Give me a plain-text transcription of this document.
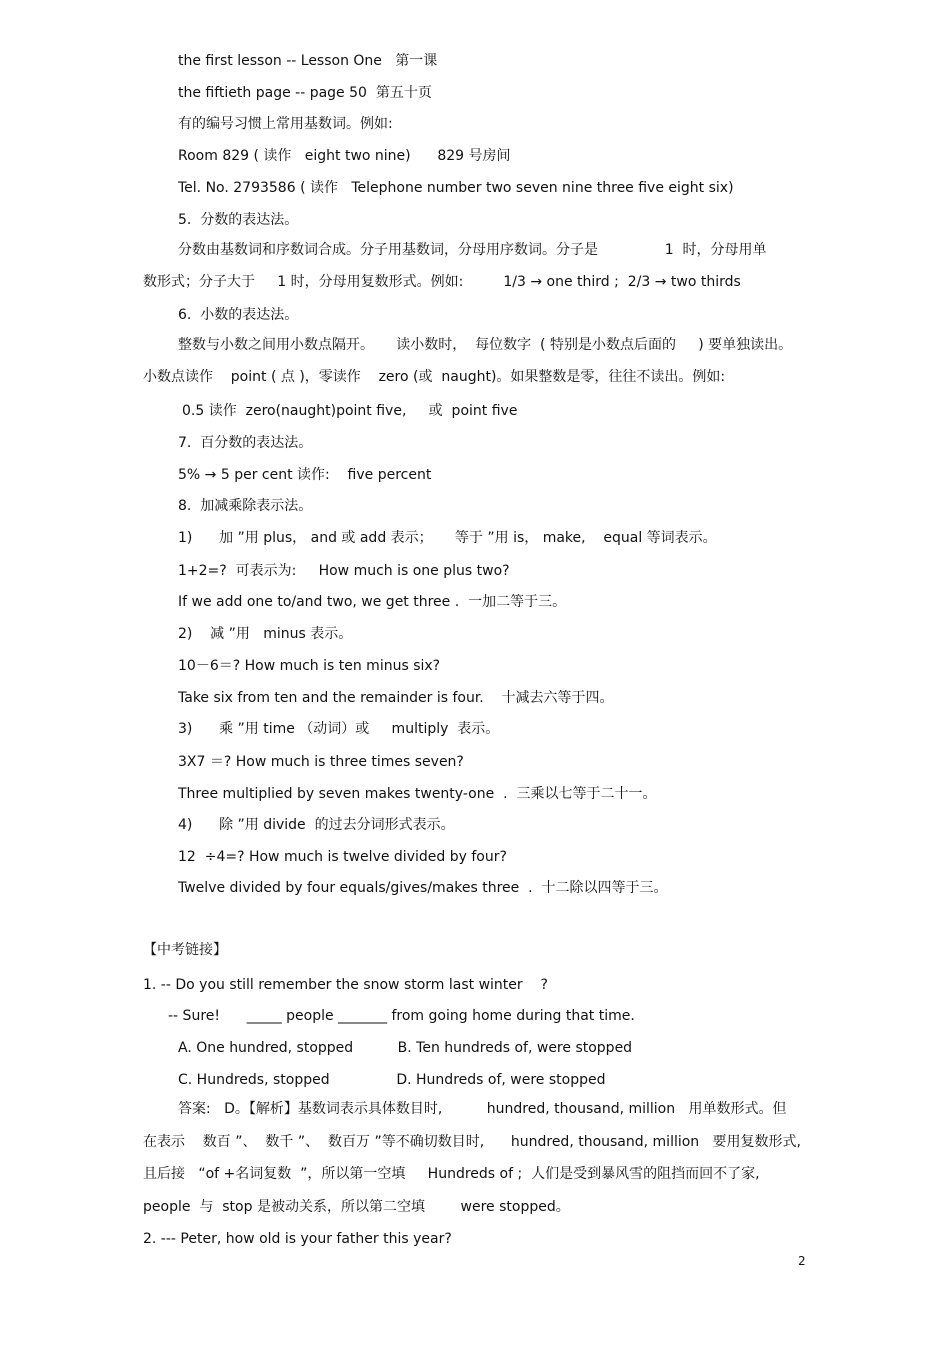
the first lesson -- Lesson One   第一课
the fiftieth page -- page 50  第五十页
有的编号习惯上常用基数词。例如:
Room 829 ( 读作   eight two nine)      829 号房间
Tel. No. 2793586 ( 读作   Telephone number two seven nine three five eight six)
5.  分数的表达法。
分数由基数词和序数词合成。分子用基数词，分母用序数词。分子是               1  时，分母用单
数形式；分子大于     1 时，分母用复数形式。例如:         1/3 → one third ;  2/3 → two thirds
6.  小数的表达法。
整数与小数之间用小数点隔开。     读小数时，  每位数字  ( 特别是小数点后面的     ) 要单独读出。
小数点读作    point ( 点 )，零读作    zero (或  naught)。如果整数是零，往往不读出。例如:
0.5 读作  zero(naught)point five,     或  point five
7.  百分数的表达法。
5% → 5 per cent 读作:    five percent
8.  加减乘除表示法。
1)      加 ”用 plus， and 或 add 表示；     等于 ”用 is， make,    equal 等词表示。
1+2=?  可表示为:     How much is one plus two?
If we add one to/and two, we get three .  一加二等于三。
2)    减 ”用   minus 表示。
10－6＝? How much is ten minus six?
Take six from ten and the remainder is four.    十减去六等于四。
3)      乘 ”用 time （动词）或     multiply  表示。
3X7 ＝? How much is three times seven?
Three multiplied by seven makes twenty-one  .  三乘以七等于二十一。
4)      除 ”用 divide  的过去分词形式表示。
12  ÷4=? How much is twelve divided by four?
Twelve divided by four equals/gives/makes three  .  十二除以四等于三。
【中考链接】
1. -- Do you still remember the snow storm last winter    ?
-- Sure!      _____ people _______ from going home during that time.
A. One hundred, stopped          B. Ten hundreds of, were stopped
C. Hundreds, stopped               D. Hundreds of, were stopped
答案:   D。【解析】基数词表示具体数目时,          hundred, thousand, million   用单数形式。但
在表示    数百 ”、  数千 ”、  数百万 ”等不确切数目时,      hundred, thousand, million   要用复数形式,
且后接   “of +名词复数  ”，所以第一空填     Hundreds of ;  人们是受到暴风雪的阻挡而回不了家,
people  与  stop 是被动关系，所以第二空填        were stopped。
2. --- Peter, how old is your father this year?
2
